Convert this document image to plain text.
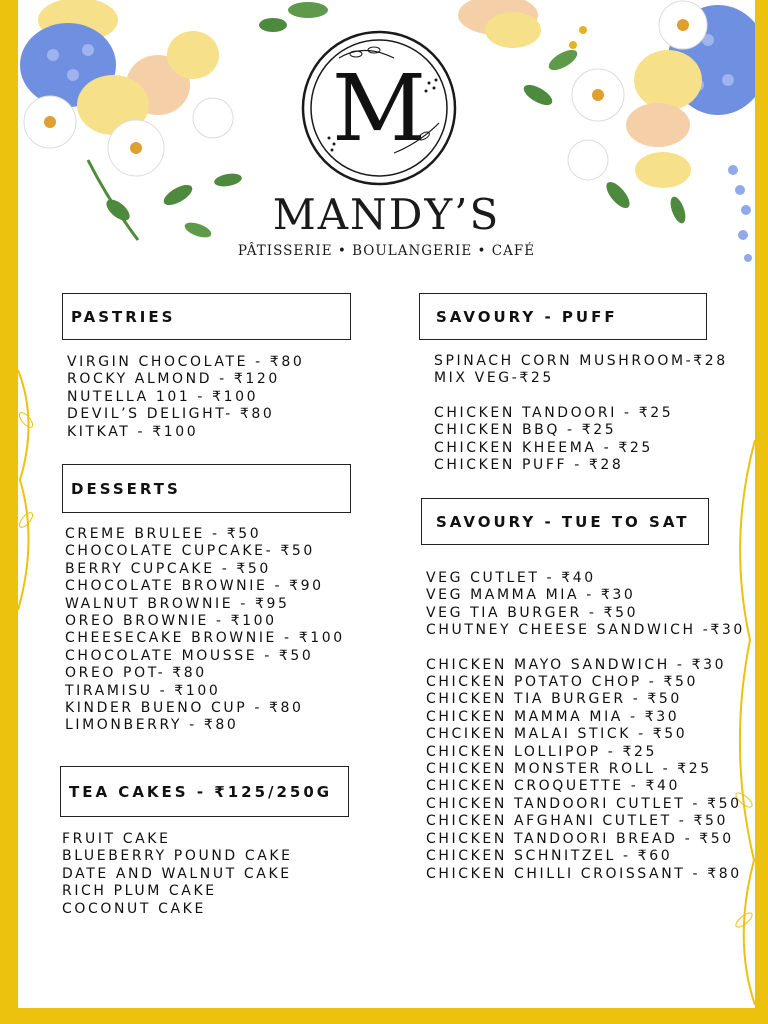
M
MANDY’S
PÂTISSERIE • BOULANGERIE • CAFÉ
PASTRIES
VIRGIN CHOCOLATE - ₹80
ROCKY ALMOND - ₹120
NUTELLA 101 - ₹100
DEVIL’S DELIGHT- ₹80
KITKAT - ₹100
DESSERTS
CREME BRULEE - ₹50
CHOCOLATE CUPCAKE- ₹50
BERRY CUPCAKE - ₹50
CHOCOLATE BROWNIE - ₹90
WALNUT BROWNIE - ₹95
OREO BROWNIE - ₹100
CHEESECAKE BROWNIE - ₹100
CHOCOLATE MOUSSE - ₹50
OREO POT- ₹80
TIRAMISU - ₹100
KINDER BUENO CUP - ₹80
LIMONBERRY - ₹80
TEA CAKES - ₹125/250G
FRUIT CAKE
BLUEBERRY POUND CAKE
DATE AND WALNUT CAKE
RICH PLUM CAKE
COCONUT CAKE
SAVOURY - PUFF
SPINACH CORN MUSHROOM-₹28
MIX VEG-₹25
CHICKEN TANDOORI - ₹25
CHICKEN BBQ - ₹25
CHICKEN KHEEMA - ₹25
CHICKEN PUFF - ₹28
SAVOURY - TUE TO SAT
VEG CUTLET - ₹40
VEG MAMMA MIA - ₹30
VEG TIA BURGER - ₹50
CHUTNEY CHEESE SANDWICH -₹30
CHICKEN MAYO SANDWICH - ₹30
CHICKEN POTATO CHOP - ₹50
CHICKEN TIA BURGER - ₹50
CHICKEN MAMMA MIA - ₹30
CHCIKEN MALAI STICK - ₹50
CHICKEN LOLLIPOP - ₹25
CHICKEN MONSTER ROLL - ₹25
CHICKEN CROQUETTE - ₹40
CHICKEN TANDOORI CUTLET - ₹50
CHICKEN AFGHANI CUTLET - ₹50
CHICKEN TANDOORI BREAD - ₹50
CHICKEN SCHNITZEL - ₹60
CHICKEN CHILLI CROISSANT - ₹80
